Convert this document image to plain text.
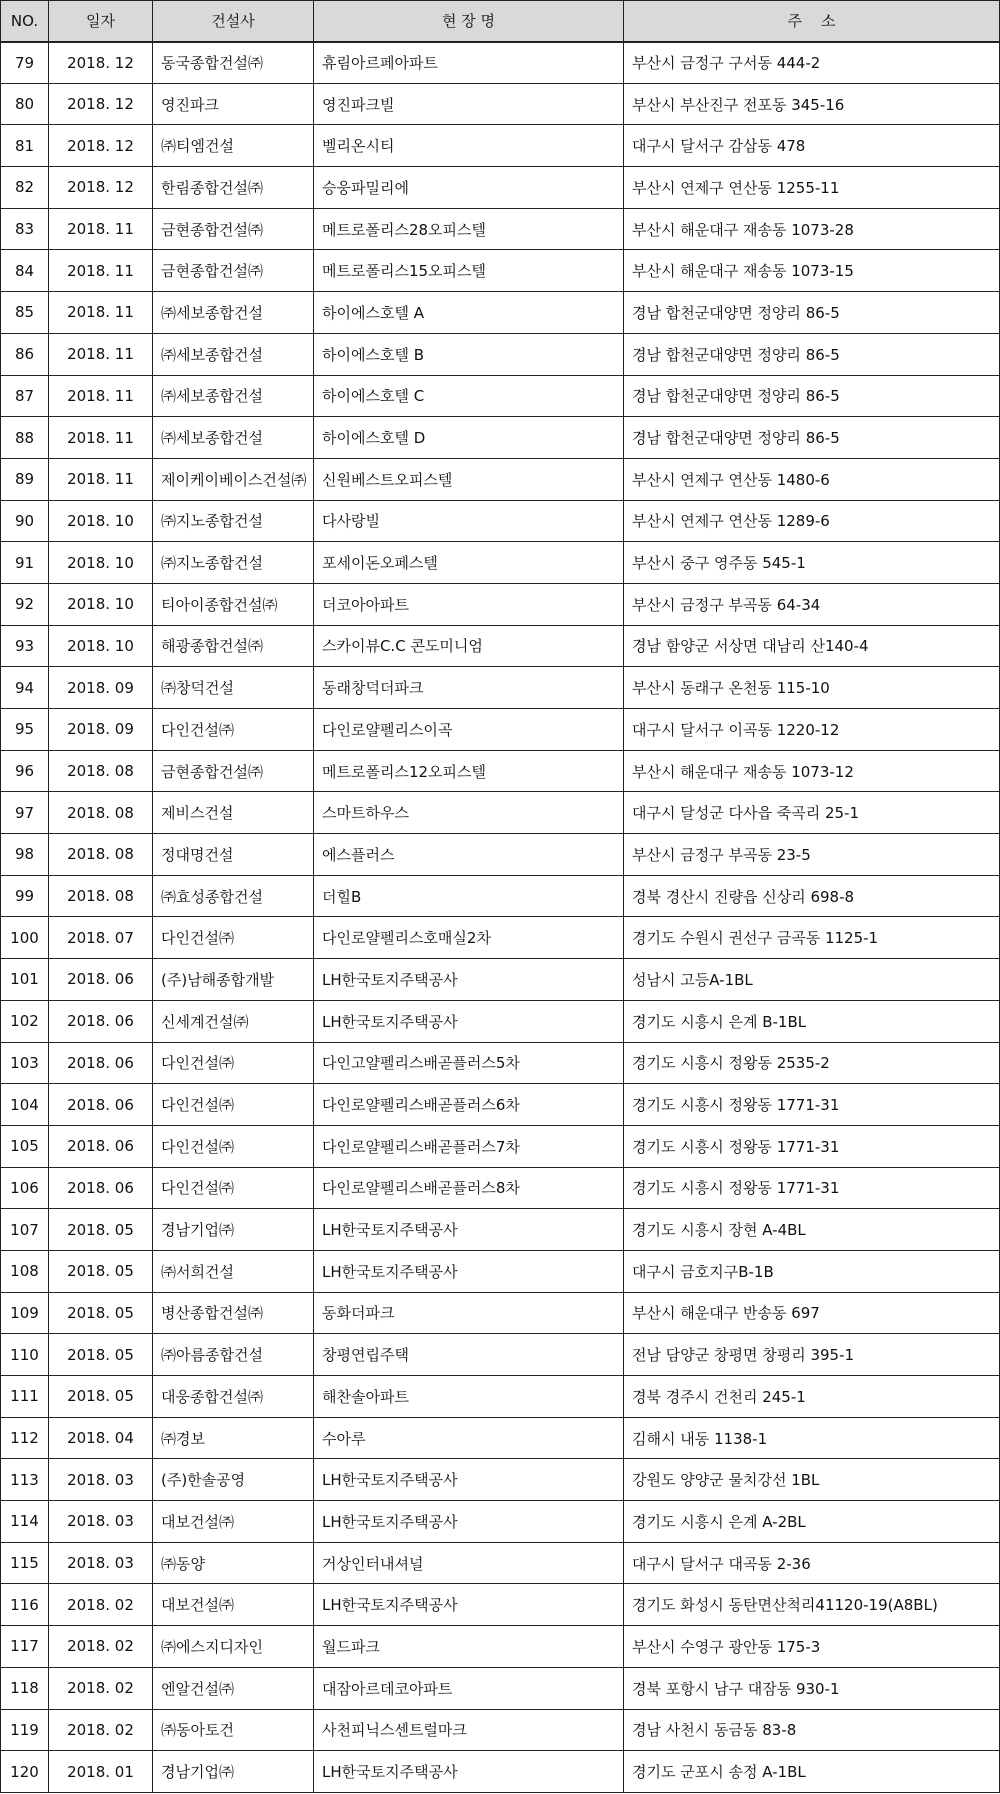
NO.	일자	건설사	현 장 명	주    소
79	2018. 12	동국종합건설㈜	휴림아르페아파트	부산시 금정구 구서동 444-2
80	2018. 12	영진파크	영진파크빌	부산시 부산진구 전포동 345-16
81	2018. 12	㈜티엠건설	벨리온시티	대구시 달서구 감삼동 478
82	2018. 12	한림종합건설㈜	승웅파밀리에	부산시 연제구 연산동 1255-11
83	2018. 11	금현종합건설㈜	메트로폴리스28오피스텔	부산시 해운대구 재송동 1073-28
84	2018. 11	금현종합건설㈜	메트로폴리스15오피스텔	부산시 해운대구 재송동 1073-15
85	2018. 11	㈜세보종합건설	하이에스호텔 A	경남 합천군대양면 정양리 86-5
86	2018. 11	㈜세보종합건설	하이에스호텔 B	경남 합천군대양면 정양리 86-5
87	2018. 11	㈜세보종합건설	하이에스호텔 C	경남 합천군대양면 정양리 86-5
88	2018. 11	㈜세보종합건설	하이에스호텔 D	경남 합천군대양면 정양리 86-5
89	2018. 11	제이케이베이스건설㈜	신원베스트오피스텔	부산시 연제구 연산동 1480-6
90	2018. 10	㈜지노종합건설	다사랑빌	부산시 연제구 연산동 1289-6
91	2018. 10	㈜지노종합건설	포세이돈오페스텔	부산시 중구 영주동 545-1
92	2018. 10	티아이종합건설㈜	더코아아파트	부산시 금정구 부곡동 64-34
93	2018. 10	해광종합건설㈜	스카이뷰C.C 콘도미니엄	경남 함양군 서상면 대남리 산140-4
94	2018. 09	㈜창덕건설	동래창덕더파크	부산시 동래구 온천동 115-10
95	2018. 09	다인건설㈜	다인로얄펠리스이곡	대구시 달서구 이곡동 1220-12
96	2018. 08	금현종합건설㈜	메트로폴리스12오피스텔	부산시 해운대구 재송동 1073-12
97	2018. 08	제비스건설	스마트하우스	대구시 달성군 다사읍 죽곡리 25-1
98	2018. 08	정대명건설	에스플러스	부산시 금정구 부곡동 23-5
99	2018. 08	㈜효성종합건설	더힐B	경북 경산시 진량읍 신상리 698-8
100	2018. 07	다인건설㈜	다인로얄펠리스호매실2차	경기도 수원시 권선구 금곡동 1125-1
101	2018. 06	(주)남해종합개발	LH한국토지주택공사	성남시 고등A-1BL
102	2018. 06	신세계건설㈜	LH한국토지주택공사	경기도 시흥시 은계 B-1BL
103	2018. 06	다인건설㈜	다인고얄펠리스배곧플러스5차	경기도 시흥시 정왕동 2535-2
104	2018. 06	다인건설㈜	다인로얄펠리스배곧플러스6차	경기도 시흥시 정왕동 1771-31
105	2018. 06	다인건설㈜	다인로얄펠리스배곧플러스7차	경기도 시흥시 정왕동 1771-31
106	2018. 06	다인건설㈜	다인로얄펠리스배곧플러스8차	경기도 시흥시 정왕동 1771-31
107	2018. 05	경남기업㈜	LH한국토지주택공사	경기도 시흥시 장현 A-4BL
108	2018. 05	㈜서희건설	LH한국토지주택공사	대구시 금호지구B-1B
109	2018. 05	병산종합건설㈜	동화더파크	부산시 해운대구 반송동 697
110	2018. 05	㈜아름종합건설	창평연립주택	전남 담양군 창평면 창평리 395-1
111	2018. 05	대웅종합건설㈜	해찬솔아파트	경북 경주시 건천리 245-1
112	2018. 04	㈜경보	수아루	김해시 내동 1138-1
113	2018. 03	(주)한솔공영	LH한국토지주택공사	강원도 양양군 물치강선 1BL
114	2018. 03	대보건설㈜	LH한국토지주택공사	경기도 시흥시 은계 A-2BL
115	2018. 03	㈜동양	거상인터내셔널	대구시 달서구 대곡동 2-36
116	2018. 02	대보건설㈜	LH한국토지주택공사	경기도 화성시 동탄면산척리41120-19(A8BL)
117	2018. 02	㈜에스지디자인	월드파크	부산시 수영구 광안동 175-3
118	2018. 02	엔알건설㈜	대잠아르데코아파트	경북 포항시 남구 대잠동 930-1
119	2018. 02	㈜동아토건	사천피닉스센트럴마크	경남 사천시 동금동 83-8
120	2018. 01	경남기업㈜	LH한국토지주택공사	경기도 군포시 송정 A-1BL
